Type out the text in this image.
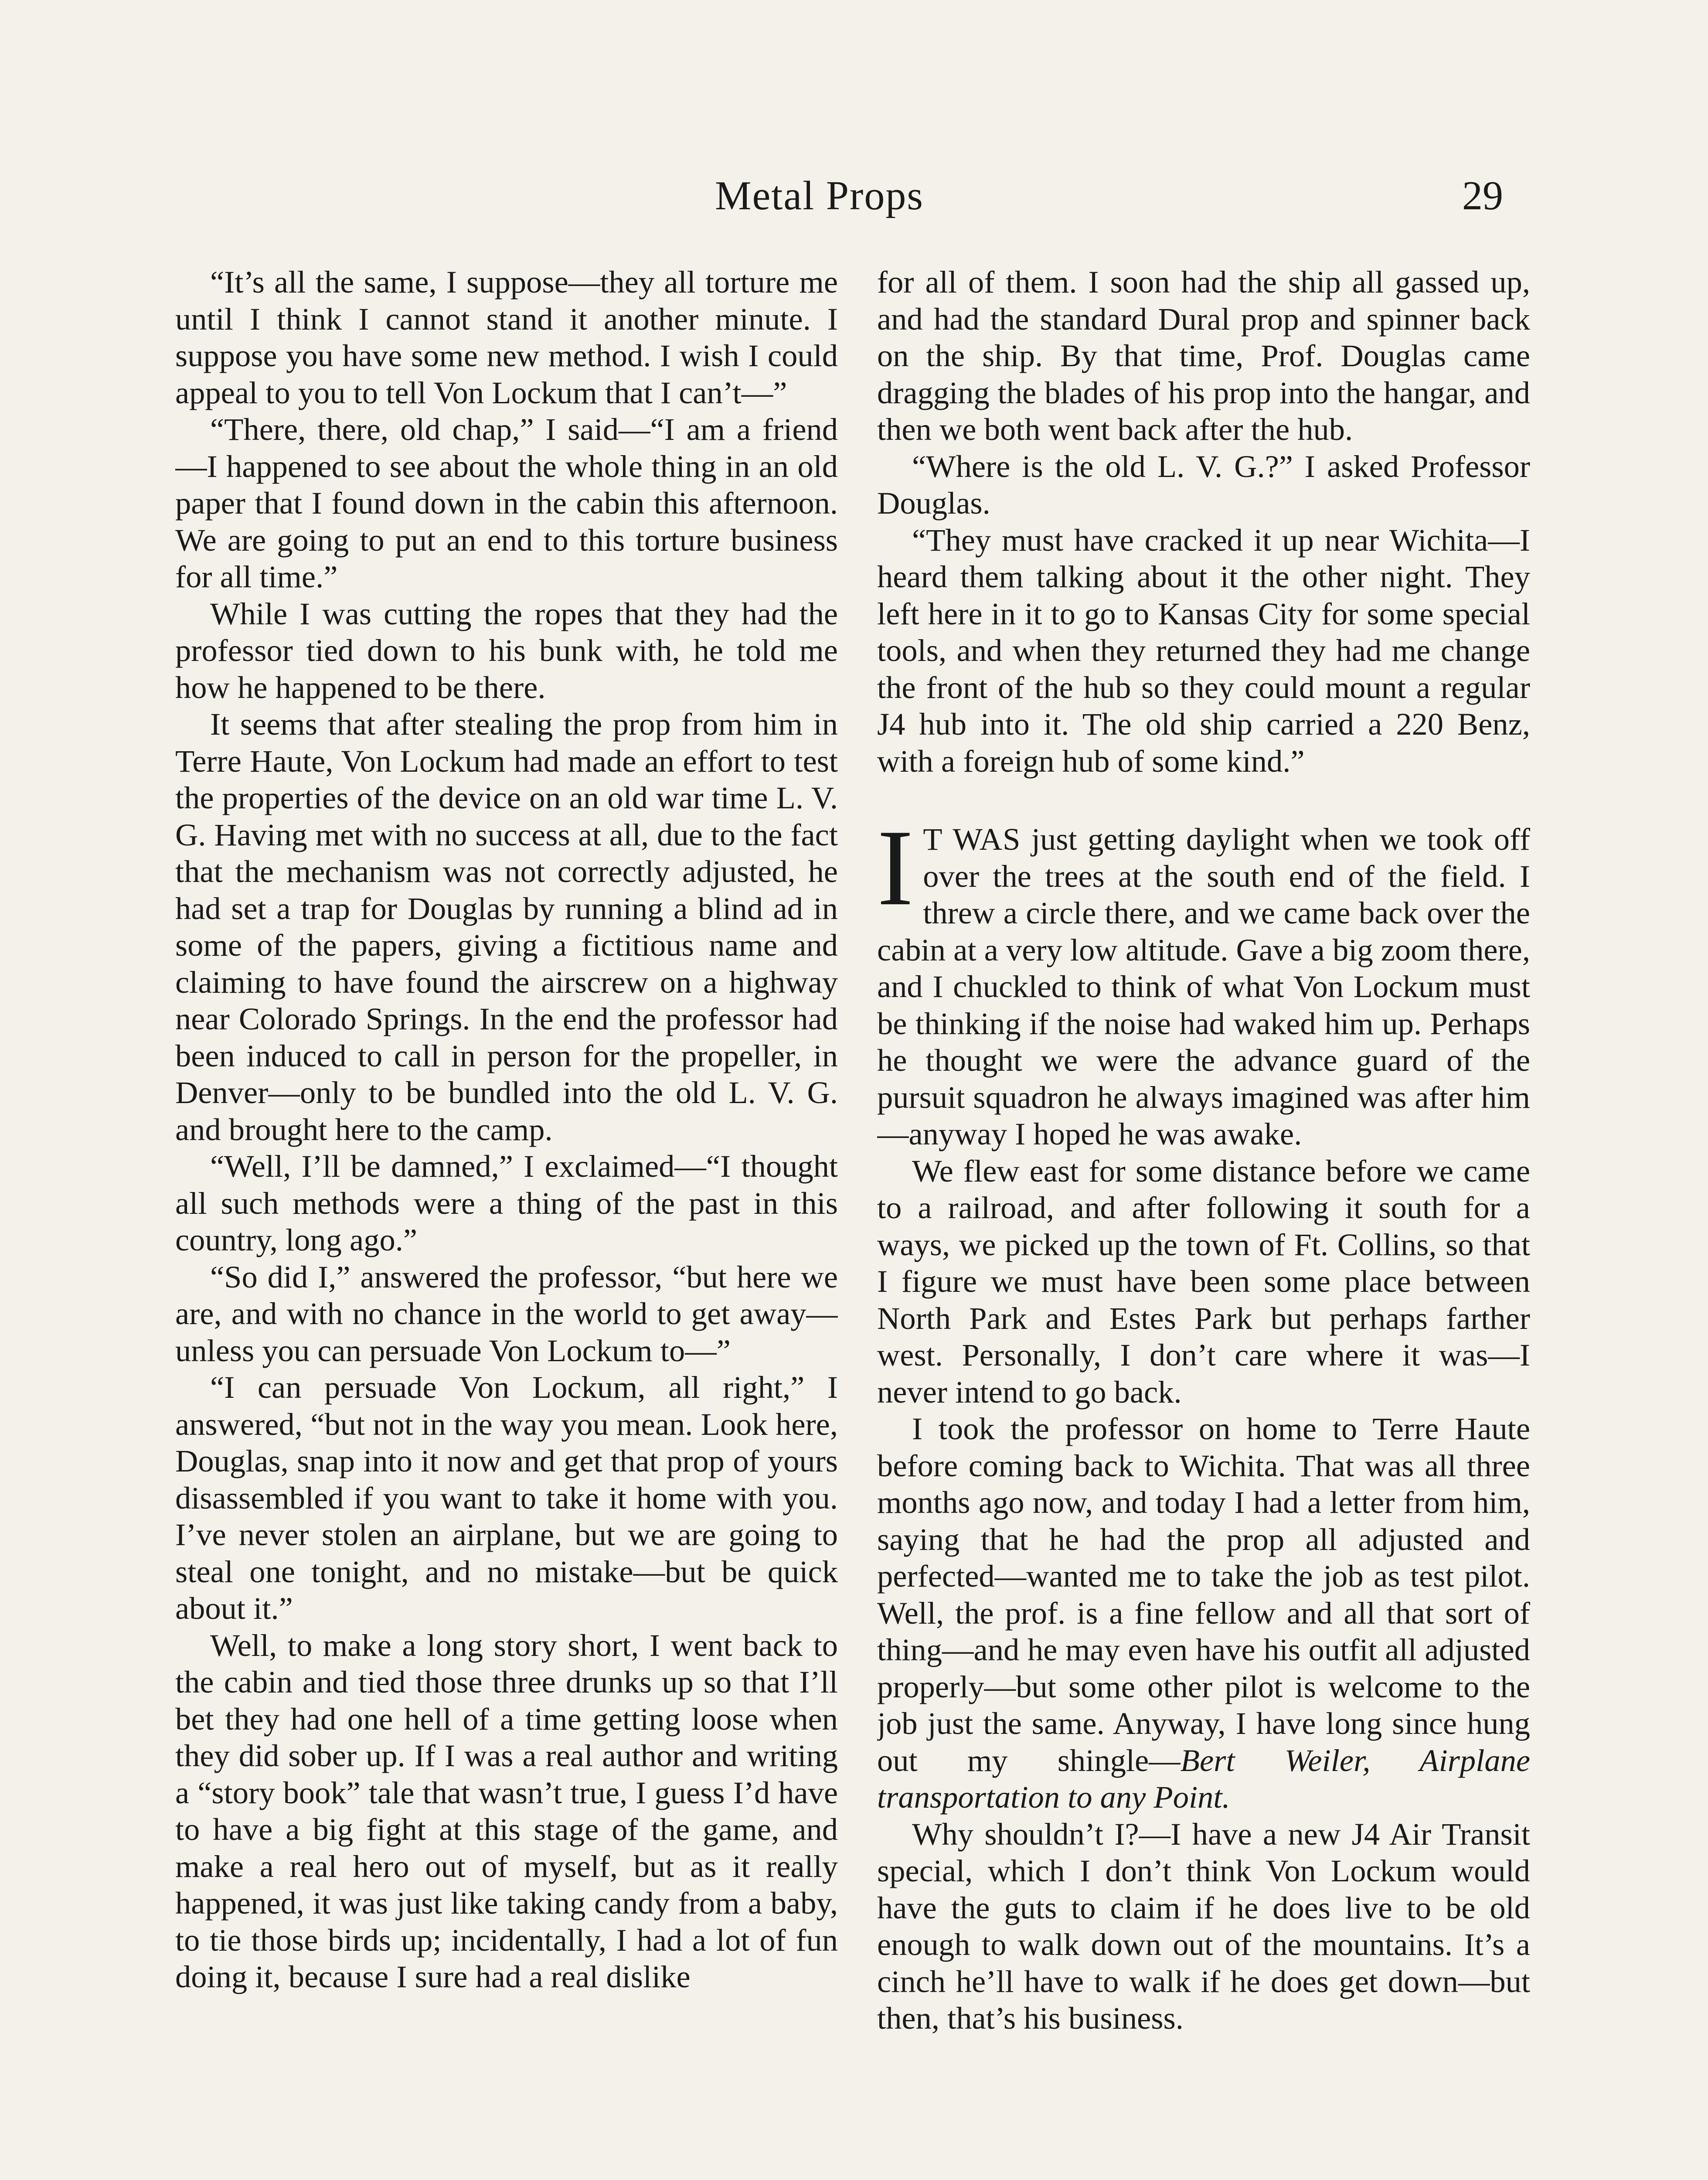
Metal Props	29

“It’s all the same, I suppose—they all torture me until I think I cannot stand it another minute. I suppose you have some new method. I wish I could appeal to you to tell Von Lockum that I can’t—”

“There, there, old chap,” I said—“I am a friend—I happened to see about the whole thing in an old paper that I found down in the cabin this afternoon. We are going to put an end to this torture business for all time.”

While I was cutting the ropes that they had the professor tied down to his bunk with, he told me how he happened to be there.

It seems that after stealing the prop from him in Terre Haute, Von Lockum had made an effort to test the properties of the device on an old war time L. V. G. Having met with no success at all, due to the fact that the mechanism was not correctly adjusted, he had set a trap for Douglas by running a blind ad in some of the papers, giving a fictitious name and claiming to have found the airscrew on a highway near Colorado Springs. In the end the professor had been induced to call in person for the propeller, in Denver—only to be bundled into the old L. V. G. and brought here to the camp.

“Well, I’ll be damned,” I exclaimed—“I thought all such methods were a thing of the past in this country, long ago.”

“So did I,” answered the professor, “but here we are, and with no chance in the world to get away—unless you can persuade Von Lockum to—”

“I can persuade Von Lockum, all right,” I answered, “but not in the way you mean. Look here, Douglas, snap into it now and get that prop of yours disassembled if you want to take it home with you. I’ve never stolen an airplane, but we are going to steal one tonight, and no mistake—but be quick about it.”

Well, to make a long story short, I went back to the cabin and tied those three drunks up so that I’ll bet they had one hell of a time getting loose when they did sober up. If I was a real author and writing a “story book” tale that wasn’t true, I guess I’d have to have a big fight at this stage of the game, and make a real hero out of myself, but as it really happened, it was just like taking candy from a baby, to tie those birds up; incidentally, I had a lot of fun doing it, because I sure had a real dislike

for all of them. I soon had the ship all gassed up, and had the standard Dural prop and spinner back on the ship. By that time, Prof. Douglas came dragging the blades of his prop into the hangar, and then we both went back after the hub.

“Where is the old L. V. G.?” I asked Professor Douglas.

“They must have cracked it up near Wichita—I heard them talking about it the other night. They left here in it to go to Kansas City for some special tools, and when they returned they had me change the front of the hub so they could mount a regular J4 hub into it. The old ship carried a 220 Benz, with a foreign hub of some kind.”

I T WAS just getting daylight when we took off over the trees at the south end of the field. I threw a circle there, and we came back over the cabin at a very low altitude. Gave a big zoom there, and I chuckled to think of what Von Lockum must be thinking if the noise had waked him up. Perhaps he thought we were the advance guard of the pursuit squadron he always imagined was after him—anyway I hoped he was awake.

We flew east for some distance before we came to a railroad, and after following it south for a ways, we picked up the town of Ft. Collins, so that I figure we must have been some place between North Park and Estes Park but perhaps farther west. Personally, I don’t care where it was—I never intend to go back.

I took the professor on home to Terre Haute before coming back to Wichita. That was all three months ago now, and today I had a letter from him, saying that he had the prop all adjusted and perfected—wanted me to take the job as test pilot. Well, the prof. is a fine fellow and all that sort of thing—and he may even have his outfit all adjusted properly—but some other pilot is welcome to the job just the same. Anyway, I have long since hung out my shingle—Bert Weiler, Airplane transportation to any Point.

Why shouldn’t I?—I have a new J4 Air Transit special, which I don’t think Von Lockum would have the guts to claim if he does live to be old enough to walk down out of the mountains. It’s a cinch he’ll have to walk if he does get down—but then, that’s his business.
